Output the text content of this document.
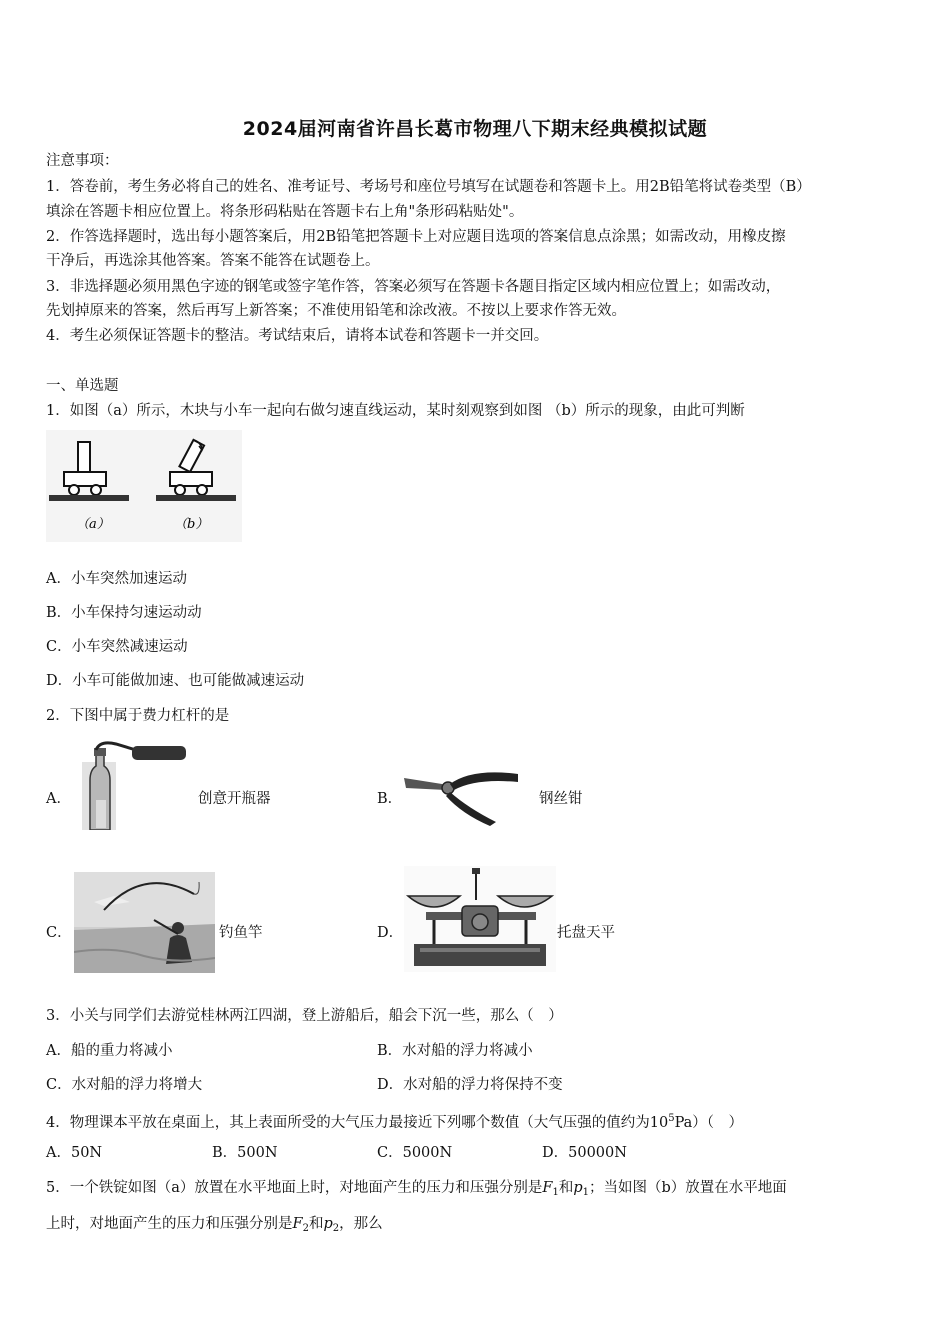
2024届河南省许昌长葛市物理八下期末经典模拟试题
注意事项：
1．答卷前，考生务必将自己的姓名、准考证号、考场号和座位号填写在试题卷和答题卡上。用2B铅笔将试卷类型（B）
填涂在答题卡相应位置上。将条形码粘贴在答题卡右上角"条形码粘贴处"。
2．作答选择题时，选出每小题答案后，用2B铅笔把答题卡上对应题目选项的答案信息点涂黑；如需改动，用橡皮擦
干净后，再选涂其他答案。答案不能答在试题卷上。
3．非选择题必须用黑色字迹的钢笔或签字笔作答，答案必须写在答题卡各题目指定区域内相应位置上；如需改动，
先划掉原来的答案，然后再写上新答案；不准使用铅笔和涂改液。不按以上要求作答无效。
4．考生必须保证答题卡的整洁。考试结束后，请将本试卷和答题卡一并交回。
一、单选题
1．如图（a）所示，木块与小车一起向右做匀速直线运动，某时刻观察到如图 （b）所示的现象，由此可判断
（a）	（b）
A．小车突然加速运动
B．小车保持匀速运动动
C．小车突然减速运动
D．小车可能做加速、也可能做减速运动
2．下图中属于费力杠杆的是
A．	创意开瓶器	B．	钢丝钳
C．	钓鱼竿	D．	托盘天平
3．小关与同学们去游觉桂林两江四湖，登上游船后，船会下沉一些，那么（　）
A．船的重力将减小	B．水对船的浮力将减小
C．水对船的浮力将增大	D．水对船的浮力将保持不变
4．物理课本平放在桌面上，其上表面所受的大气压力最接近下列哪个数值（大气压强的值约为$10^5Pa$）（　）
A．50N	B．500N	C．5000N	D．50000N
5．一个铁锭如图（a）放置在水平地面上时，对地面产生的压力和压强分别是$F_1$和$p_1$；当如图（b）放置在水平地面
上时，对地面产生的压力和压强分别是$F_2$和$p_2$，那么
